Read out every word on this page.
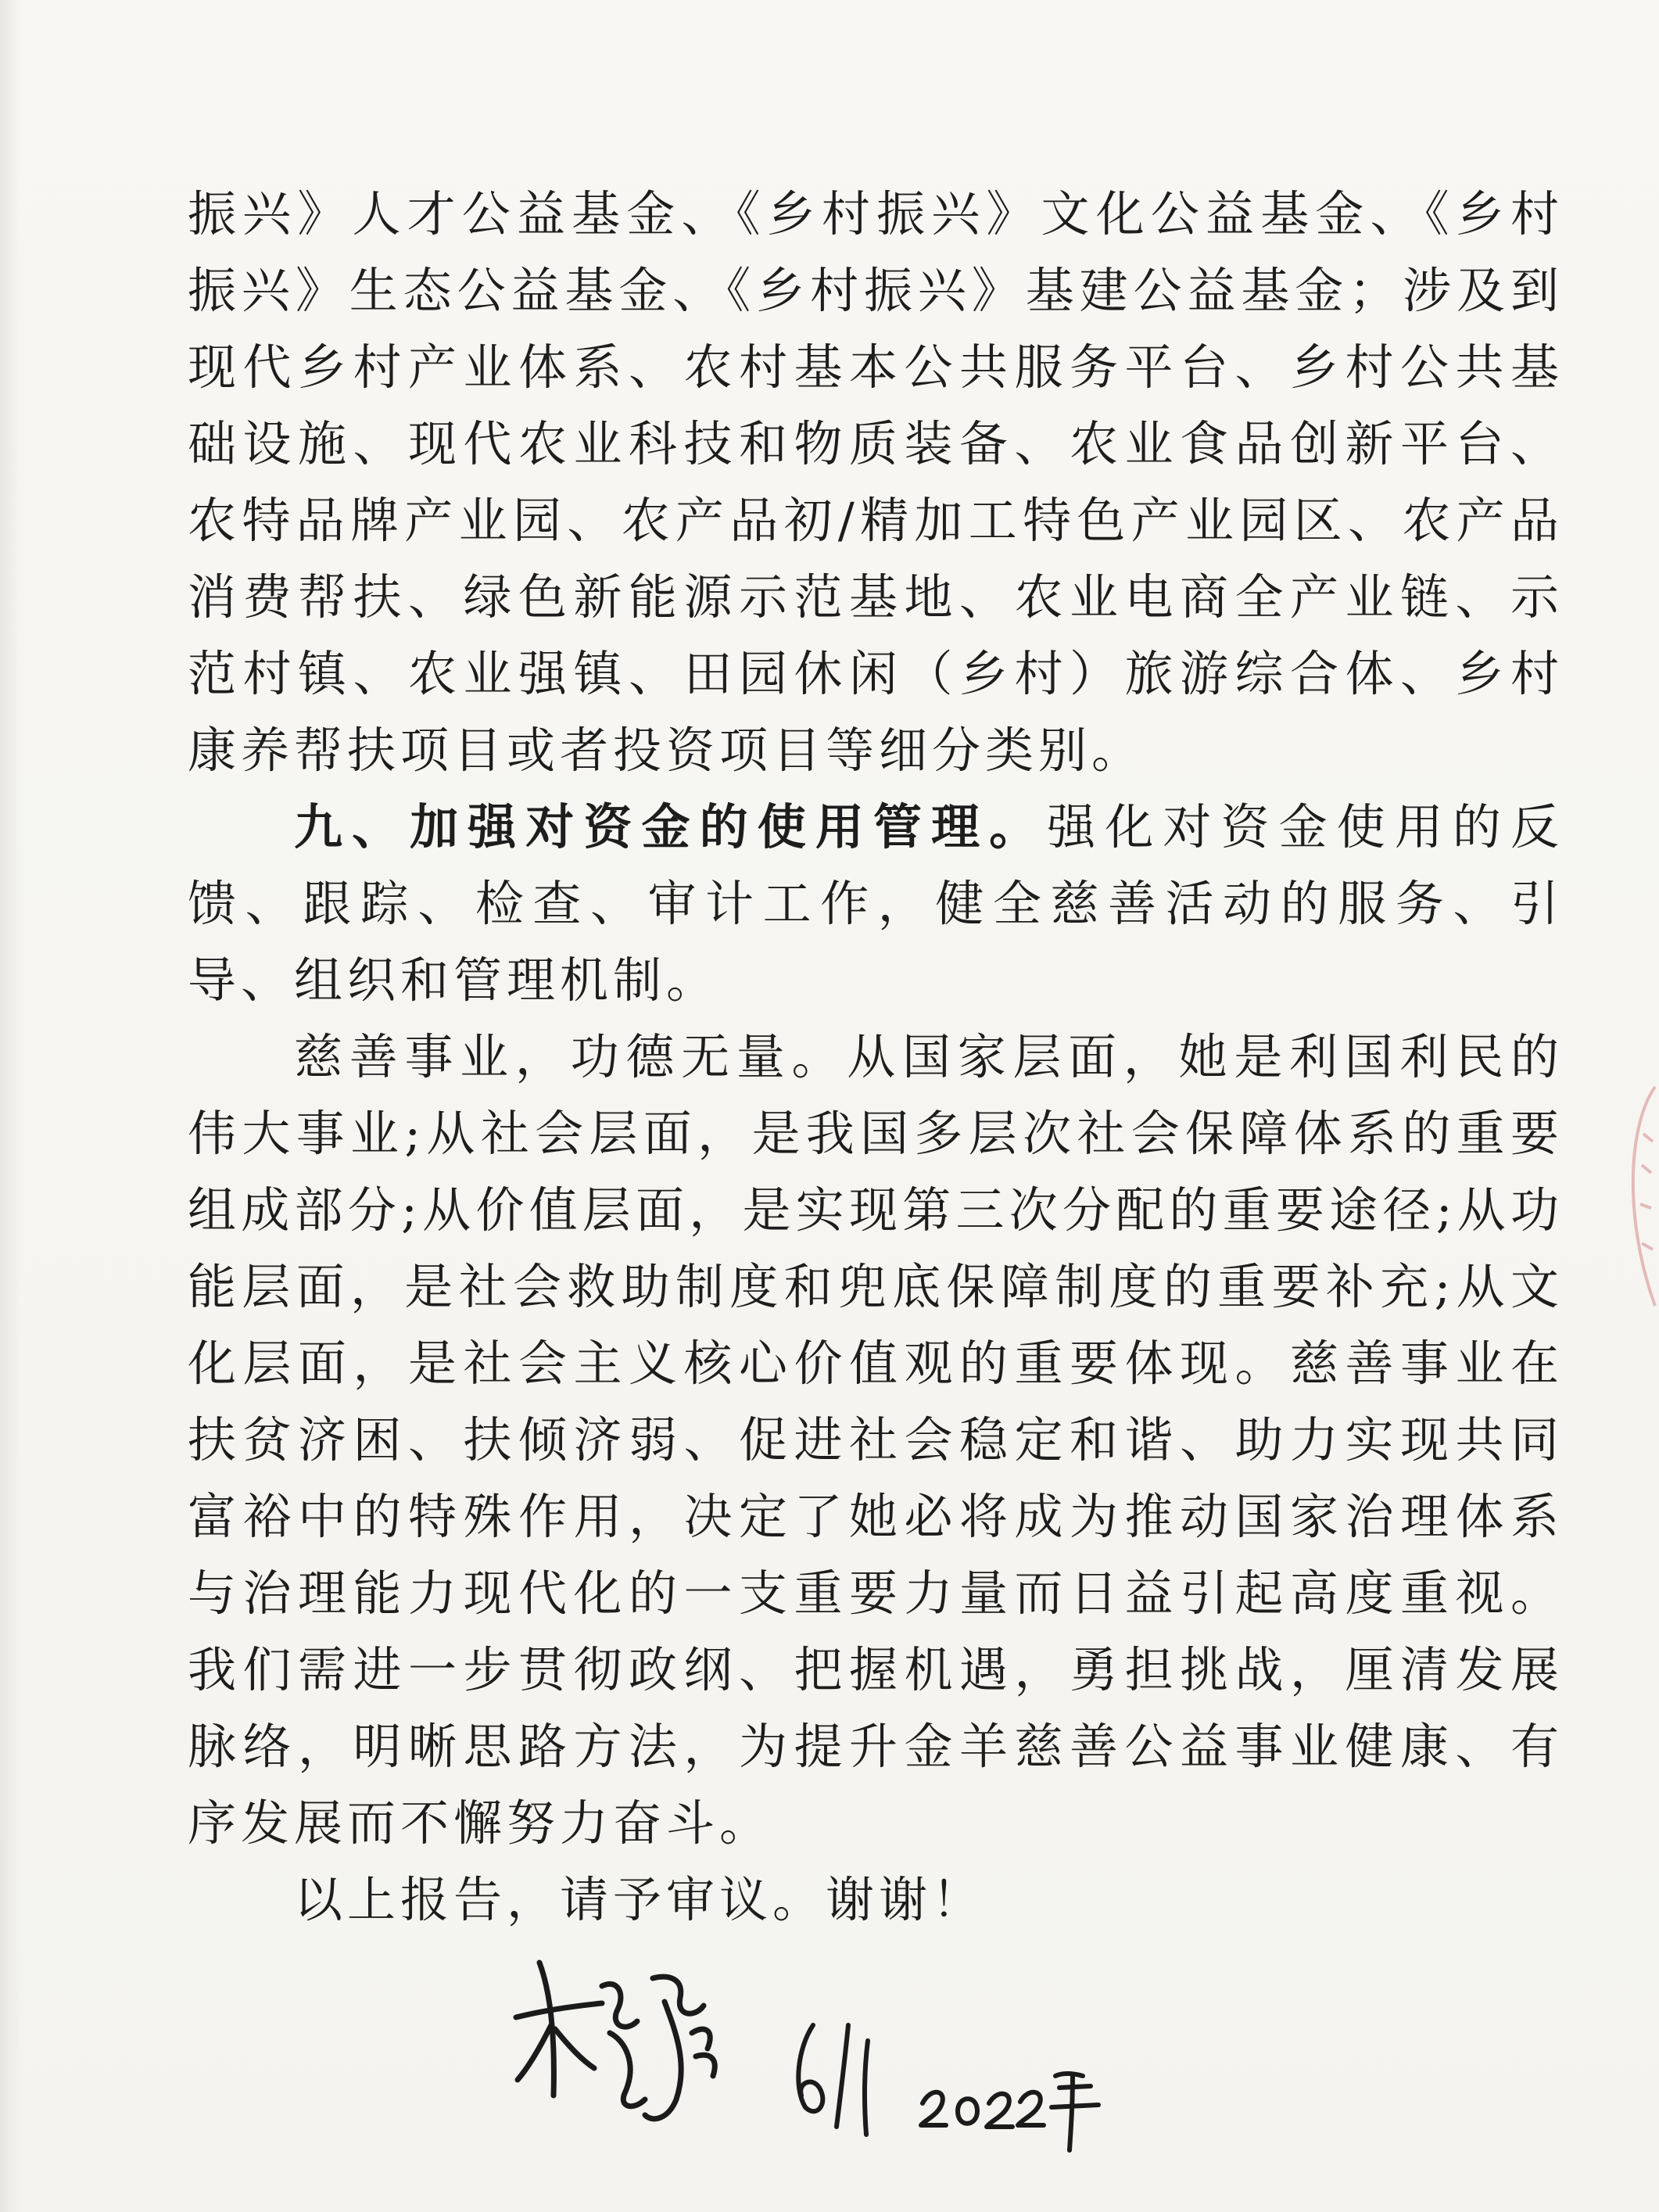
振兴》人才公益基金、《乡村振兴》文化公益基金、《乡村振兴》生态公益基金、《乡村振兴》基建公益基金；涉及到现代乡村产业体系、农村基本公共服务平台、乡村公共基础设施、现代农业科技和物质装备、农业食品创新平台、农特品牌产业园、农产品初/精加工特色产业园区、农产品消费帮扶、绿色新能源示范基地、农业电商全产业链、示范村镇、农业强镇、田园休闲（乡村）旅游综合体、乡村康养帮扶项目或者投资项目等细分类别。

九、加强对资金的使用管理。强化对资金使用的反馈、跟踪、检查、审计工作，健全慈善活动的服务、引导、组织和管理机制。

慈善事业，功德无量。从国家层面，她是利国利民的伟大事业;从社会层面，是我国多层次社会保障体系的重要组成部分;从价值层面，是实现第三次分配的重要途径;从功能层面，是社会救助制度和兜底保障制度的重要补充;从文化层面，是社会主义核心价值观的重要体现。慈善事业在扶贫济困、扶倾济弱、促进社会稳定和谐、助力实现共同富裕中的特殊作用，决定了她必将成为推动国家治理体系与治理能力现代化的一支重要力量而日益引起高度重视。我们需进一步贯彻政纲、把握机遇，勇担挑战，厘清发展脉络，明晰思路方法，为提升金羊慈善公益事业健康、有序发展而不懈努力奋斗。

以上报告，请予审议。谢谢！
